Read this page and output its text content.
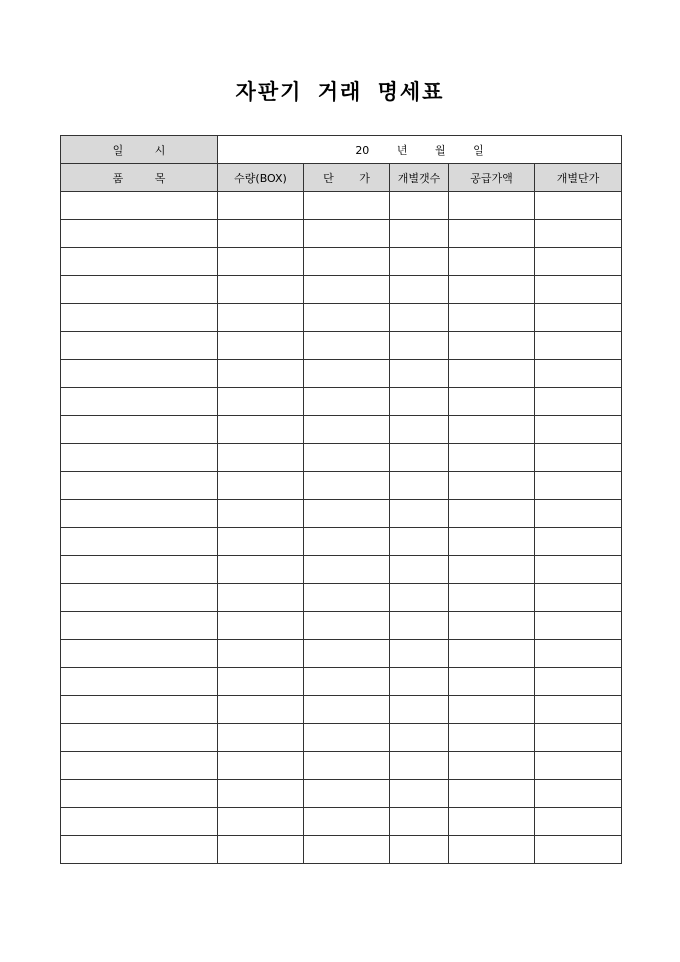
자판기 거래 명세표
일 시	20 년 월 일				
품 목	수량(BOX)	단 가	개별갯수	공급가액	개별단가
